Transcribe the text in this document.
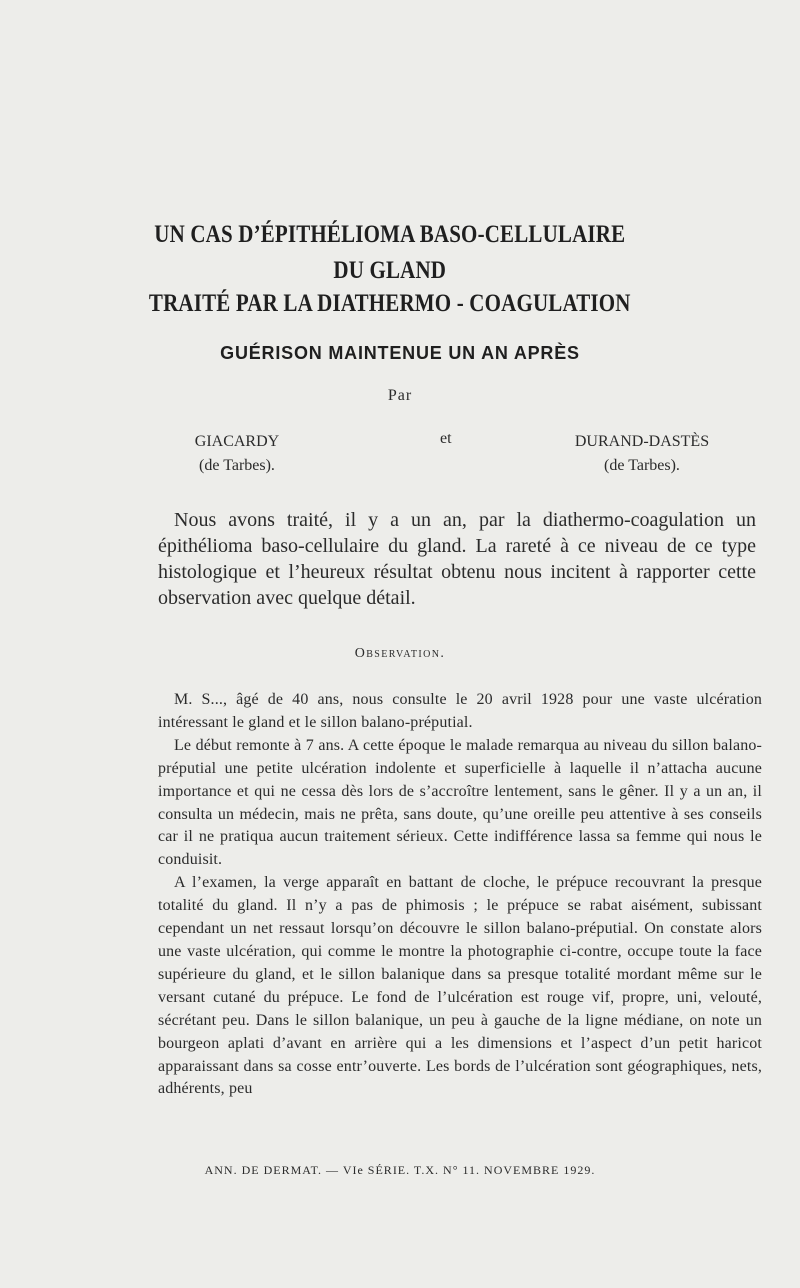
UN CAS D’ÉPITHÉLIOMA BASO-CELLULAIRE
DU GLAND
TRAITÉ PAR LA DIATHERMO - COAGULATION
GUÉRISON MAINTENUE UN AN APRÈS
Par
GIACARDY
(de Tarbes).
et	DURAND-DASTÈS
(de Tarbes).

Nous avons traité, il y a un an, par la diathermo-coagulation un épithélioma baso-cellulaire du gland. La rareté à ce niveau de ce type histologique et l’heureux résultat obtenu nous incitent à rapporter cette observation avec quelque détail.

Observation.

M. S..., âgé de 40 ans, nous consulte le 20 avril 1928 pour une vaste ulcération intéressant le gland et le sillon balano-préputial.

Le début remonte à 7 ans. A cette époque le malade remarqua au niveau du sillon balano-préputial une petite ulcération indolente et superficielle à laquelle il n’attacha aucune importance et qui ne cessa dès lors de s’accroître lentement, sans le gêner. Il y a un an, il consulta un médecin, mais ne prêta, sans doute, qu’une oreille peu attentive à ses conseils car il ne pratiqua aucun traitement sérieux. Cette indifférence lassa sa femme qui nous le conduisit.

A l’examen, la verge apparaît en battant de cloche, le prépuce recouvrant la presque totalité du gland. Il n’y a pas de phimosis ; le prépuce se rabat aisément, subissant cependant un net ressaut lorsqu’on découvre le sillon balano-préputial. On constate alors une vaste ulcération, qui comme le montre la photographie ci-contre, occupe toute la face supérieure du gland, et le sillon balanique dans sa presque totalité mordant même sur le versant cutané du prépuce. Le fond de l’ulcération est rouge vif, propre, uni, velouté, sécrétant peu. Dans le sillon balanique, un peu à gauche de la ligne médiane, on note un bourgeon aplati d’avant en arrière qui a les dimensions et l’aspect d’un petit haricot apparaissant dans sa cosse entr’ouverte. Les bords de l’ulcération sont géographiques, nets, adhérents, peu

ANN. DE DERMAT. — VIe SÉRIE. T.X. N° 11. NOVEMBRE 1929.
